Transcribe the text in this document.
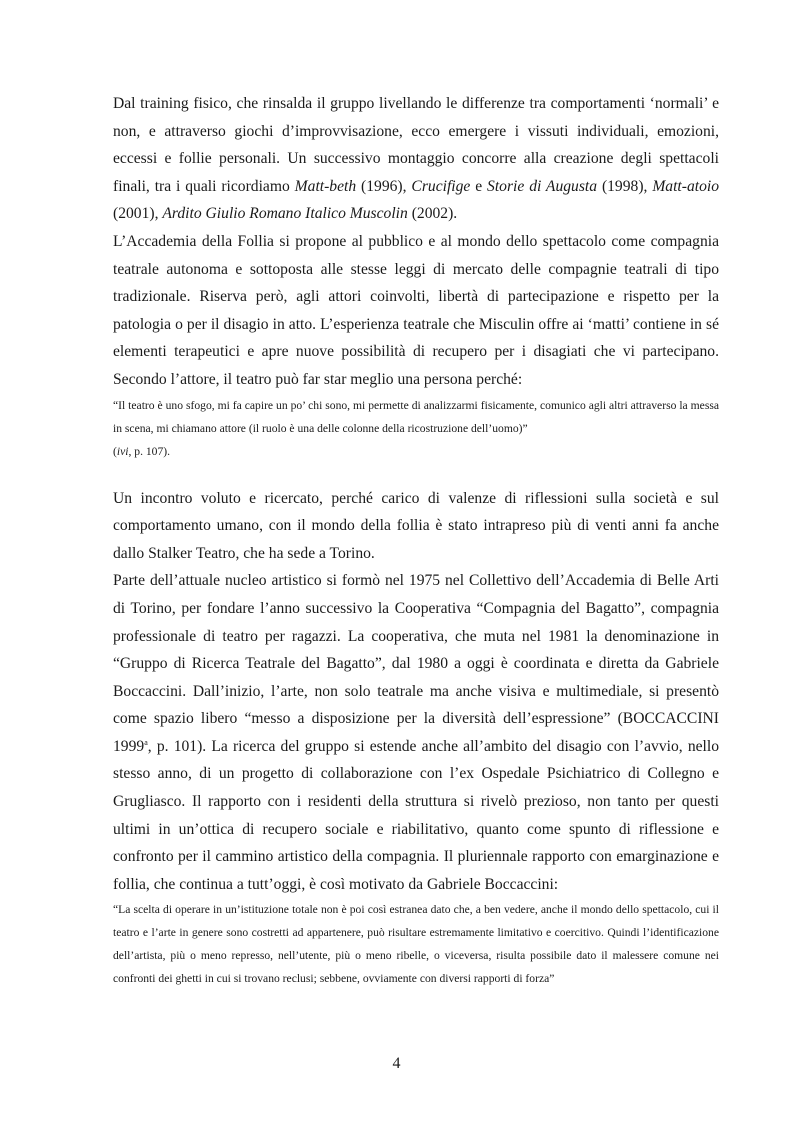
Dal training fisico, che rinsalda il gruppo livellando le differenze tra comportamenti ‘normali’ e non, e attraverso giochi d’improvvisazione, ecco emergere i vissuti individuali, emozioni, eccessi e follie personali. Un successivo montaggio concorre alla creazione degli spettacoli finali, tra i quali ricordiamo Matt-beth (1996), Crucifige e Storie di Augusta (1998), Matt-atoio (2001), Ardito Giulio Romano Italico Muscolin (2002).

L’Accademia della Follia si propone al pubblico e al mondo dello spettacolo come compagnia teatrale autonoma e sottoposta alle stesse leggi di mercato delle compagnie teatrali di tipo tradizionale. Riserva però, agli attori coinvolti, libertà di partecipazione e rispetto per la patologia o per il disagio in atto. L’esperienza teatrale che Misculin offre ai ‘matti’ contiene in sé elementi terapeutici e apre nuove possibilità di recupero per i disagiati che vi partecipano. Secondo l’attore, il teatro può far star meglio una persona perché:

“Il teatro è uno sfogo, mi fa capire un po’ chi sono, mi permette di analizzarmi fisicamente, comunico agli altri attraverso la messa in scena, mi chiamano attore (il ruolo è una delle colonne della ricostruzione dell’uomo)”

(ivi, p. 107).

Un incontro voluto e ricercato, perché carico di valenze di riflessioni sulla società e sul comportamento umano, con il mondo della follia è stato intrapreso più di venti anni fa anche dallo Stalker Teatro, che ha sede a Torino.

Parte dell’attuale nucleo artistico si formò nel 1975 nel Collettivo dell’Accademia di Belle Arti di Torino, per fondare l’anno successivo la Cooperativa “Compagnia del Bagatto”, compagnia professionale di teatro per ragazzi. La cooperativa, che muta nel 1981 la denominazione in “Gruppo di Ricerca Teatrale del Bagatto”, dal 1980 a oggi è coordinata e diretta da Gabriele Boccaccini. Dall’inizio, l’arte, non solo teatrale ma anche visiva e multimediale, si presentò come spazio libero “messo a disposizione per la diversità dell’espressione” (BOCCACCINI 1999$^a$, p. 101). La ricerca del gruppo si estende anche all’ambito del disagio con l’avvio, nello stesso anno, di un progetto di collaborazione con l’ex Ospedale Psichiatrico di Collegno e Grugliasco. Il rapporto con i residenti della struttura si rivelò prezioso, non tanto per questi ultimi in un’ottica di recupero sociale e riabilitativo, quanto come spunto di riflessione e confronto per il cammino artistico della compagnia. Il pluriennale rapporto con emarginazione e follia, che continua a tutt’oggi, è così motivato da Gabriele Boccaccini:

“La scelta di operare in un’istituzione totale non è poi così estranea dato che, a ben vedere, anche il mondo dello spettacolo, cui il teatro e l’arte in genere sono costretti ad appartenere, può risultare estremamente limitativo e coercitivo. Quindi l’identificazione dell’artista, più o meno represso, nell’utente, più o meno ribelle, o viceversa, risulta possibile dato il malessere comune nei confronti dei ghetti in cui si trovano reclusi; sebbene, ovviamente con diversi rapporti di forza”

4
